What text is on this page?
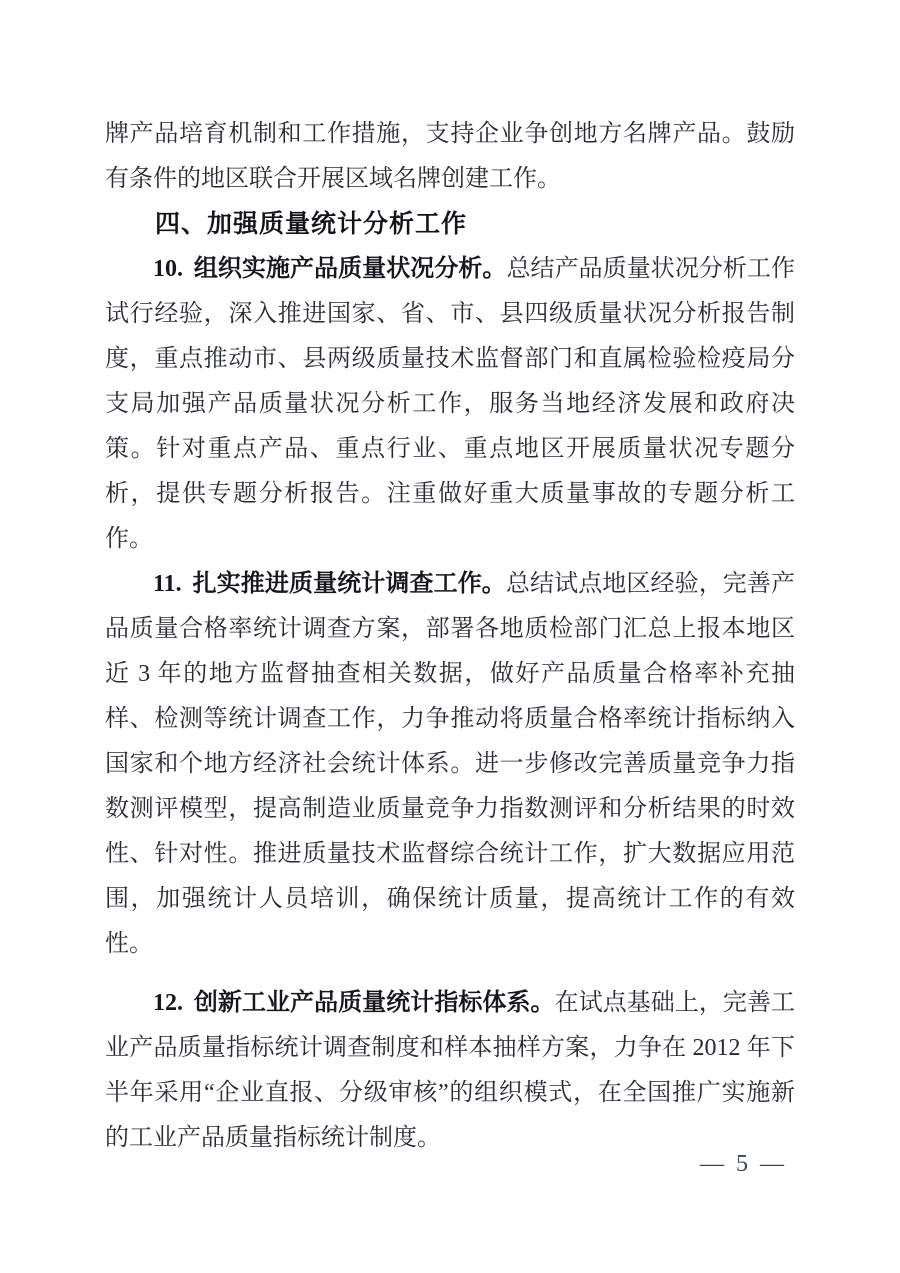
牌产品培育机制和工作措施，支持企业争创地方名牌产品。鼓励有条件的地区联合开展区域名牌创建工作。

四、加强质量统计分析工作

10. 组织实施产品质量状况分析。总结产品质量状况分析工作试行经验，深入推进国家、省、市、县四级质量状况分析报告制度，重点推动市、县两级质量技术监督部门和直属检验检疫局分支局加强产品质量状况分析工作，服务当地经济发展和政府决策。针对重点产品、重点行业、重点地区开展质量状况专题分析，提供专题分析报告。注重做好重大质量事故的专题分析工作。

11. 扎实推进质量统计调查工作。总结试点地区经验，完善产品质量合格率统计调查方案，部署各地质检部门汇总上报本地区近 3 年的地方监督抽查相关数据，做好产品质量合格率补充抽样、检测等统计调查工作，力争推动将质量合格率统计指标纳入国家和个地方经济社会统计体系。进一步修改完善质量竞争力指数测评模型，提高制造业质量竞争力指数测评和分析结果的时效性、针对性。推进质量技术监督综合统计工作，扩大数据应用范围，加强统计人员培训，确保统计质量，提高统计工作的有效性。

12. 创新工业产品质量统计指标体系。在试点基础上，完善工业产品质量指标统计调查制度和样本抽样方案，力争在 2012 年下半年采用“企业直报、分级审核”的组织模式，在全国推广实施新的工业产品质量指标统计制度。

— 5 —
